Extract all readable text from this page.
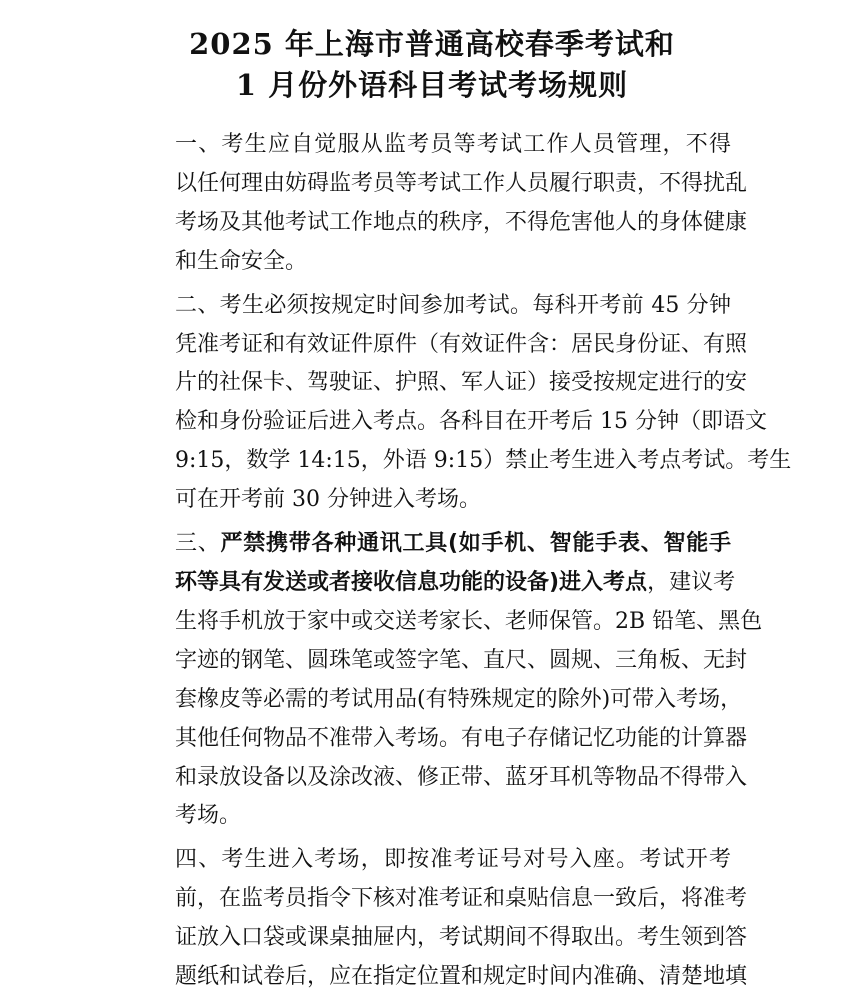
2025 年上海市普通高校春季考试和
1 月份外语科目考试考场规则

一、考生应自觉服从监考员等考试工作人员管理，不得
以任何理由妨碍监考员等考试工作人员履行职责，不得扰乱
考场及其他考试工作地点的秩序，不得危害他人的身体健康
和生命安全。

二、考生必须按规定时间参加考试。每科开考前 45 分钟
凭准考证和有效证件原件（有效证件含：居民身份证、有照
片的社保卡、驾驶证、护照、军人证）接受按规定进行的安
检和身份验证后进入考点。各科目在开考后 15 分钟（即语文
9:15，数学 14:15，外语 9:15）禁止考生进入考点考试。考生
可在开考前 30 分钟进入考场。

三、严禁携带各种通讯工具(如手机、智能手表、智能手
环等具有发送或者接收信息功能的设备)进入考点，建议考
生将手机放于家中或交送考家长、老师保管。2B 铅笔、黑色
字迹的钢笔、圆珠笔或签字笔、直尺、圆规、三角板、无封
套橡皮等必需的考试用品(有特殊规定的除外)可带入考场，
其他任何物品不准带入考场。有电子存储记忆功能的计算器
和录放设备以及涂改液、修正带、蓝牙耳机等物品不得带入
考场。

四、考生进入考场，即按准考证号对号入座。考试开考
前，在监考员指令下核对准考证和桌贴信息一致后，将准考
证放入口袋或课桌抽屉内，考试期间不得取出。考生领到答
题纸和试卷后，应在指定位置和规定时间内准确、清楚地填
